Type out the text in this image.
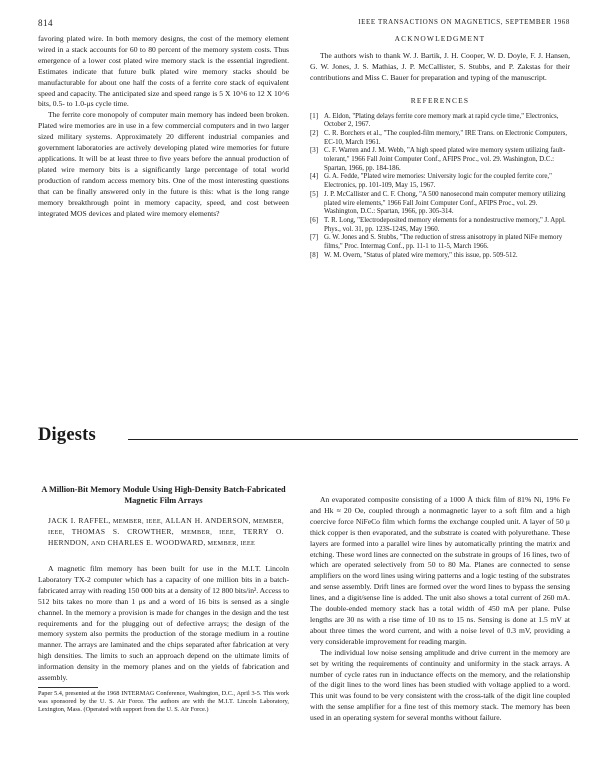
814	IEEE TRANSACTIONS ON MAGNETICS, SEPTEMBER 1968

favoring plated wire. In both memory designs, the cost of the memory element wired in a stack accounts for 60 to 80 percent of the memory system costs. Thus emergence of a lower cost plated wire memory stack is the essential ingredient. Estimates indicate that future bulk plated wire memory stacks should be manufacturable for about one half the costs of a ferrite core stack of equivalent speed and capacity. The anticipated size and speed range is 5 X 10^6 to 12 X 10^6 bits, 0.5- to 1.0-μs cycle time.

The ferrite core monopoly of computer main memory has indeed been broken. Plated wire memories are in use in a few commercial computers and in two larger sized military systems. Approximately 20 different industrial companies and government laboratories are actively developing plated wire memories for future applications. It will be at least three to five years before the annual production of plated wire memory bits is a significantly large percentage of total world production of random access memory bits. One of the most interesting questions that can be finally answered only in the future is this: what is the long range memory breakthrough point in memory capacity, speed, and cost between integrated MOS devices and plated wire memory elements?

ACKNOWLEDGMENT

The authors wish to thank W. J. Bartik, J. H. Cooper, W. D. Doyle, F. J. Hansen, G. W. Jones, J. S. Mathias, J. P. McCallister, S. Stubbs, and P. Zakstas for their contributions and Miss C. Bauer for preparation and typing of the manuscript.

REFERENCES
[1] A. Eldon, "Plating delays ferrite core memory mark at rapid cycle time," Electronics, October 2, 1967.
[2] C. R. Borchers et al., "The coupled-film memory," IRE Trans. on Electronic Computers, EC-10, March 1961.
[3] C. F. Warren and J. M. Webb, "A high speed plated wire memory system utilizing fault-tolerant," 1966 Fall Joint Computer Conf., AFIPS Proc., vol. 29. Washington, D.C.: Spartan, 1966, pp. 184-186.
[4] G. A. Fedde, "Plated wire memories: University logic for the coupled ferrite core," Electronics, pp. 101-109, May 15, 1967.
[5] J. P. McCallister and C. F. Chong, "A 500 nanosecond main computer memory utilizing plated wire elements," 1966 Fall Joint Computer Conf., AFIPS Proc., vol. 29. Washington, D.C.: Spartan, 1966, pp. 305-314.
[6] T. R. Long, "Electrodeposited memory elements for a nondestructive memory," J. Appl. Phys., vol. 31, pp. 123S-124S, May 1960.
[7] G. W. Jones and S. Stubbs, "The reduction of stress anisotropy in plated NiFe memory films," Proc. Intermag Conf., pp. 11-1 to 11-5, March 1966.
[8] W. M. Overn, "Status of plated wire memory," this issue, pp. 509-512.
Digests
A Million-Bit Memory Module Using High-Density Batch-Fabricated Magnetic Film Arrays
JACK I. RAFFEL, MEMBER, IEEE, ALLAN H. ANDERSON, MEMBER, IEEE, THOMAS S. CROWTHER, MEMBER, IEEE, TERRY O. HERNDON, AND CHARLES E. WOODWARD, MEMBER, IEEE

A magnetic film memory has been built for use in the M.I.T. Lincoln Laboratory TX-2 computer which has a capacity of one million bits in a batch-fabricated array with reading 150 000 bits at a density of 12 800 bits/in². Access to 512 bits takes no more than 1 μs and a word of 16 bits is sensed as a single channel. In the memory a provision is made for changes in the design and the test requirements and for the plugging out of defective arrays; the design of the memory system also permits the production of the storage medium in a routine manner. The arrays are laminated and the chips separated after fabrication at very high densities. The limits to such an approach depend on the ultimate limits of information density in the memory planes and on the yields of fabrication and assembly.

Paper 5.4, presented at the 1968 INTERMAG Conference, Washington, D.C., April 3-5. This work was sponsored by the U. S. Air Force. The authors are with the M.I.T. Lincoln Laboratory, Lexington, Mass. (Operated with support from the U. S. Air Force.)

An evaporated composite consisting of a 1000 Å thick film of 81% Ni, 19% Fe and Hk ≈ 20 Oe, coupled through a nonmagnetic layer to a soft film and a high coercive force NiFeCo film which forms the exchange coupled unit. A layer of 50 μ thick copper is then evaporated, and the substrate is coated with polyurethane. These layers are formed into a parallel wire lines by automatically printing the matrix and etching. These word lines are connected on the substrate in groups of 16 lines, two of which are operated selectively from 50 to 80 Ma. Planes are connected to sense amplifiers on the word lines using wiring patterns and a logic testing of the substrates and sense assembly. Drift lines are formed over the word lines to bypass the sensing lines, and a digit/sense line is added. The unit also shows a total current of 260 mA. The double-ended memory stack has a total width of 450 mA per plane. Pulse lengths are 30 ns with a rise time of 10 ns to 15 ns. Sensing is done at 1.5 mV at about three times the word current, and with a noise level of 0.3 mV, providing a very considerable improvement for reading margin.

The individual low noise sensing amplitude and drive current in the memory are set by writing the requirements of continuity and uniformity in the stack arrays. A number of cycle rates run in inductance effects on the memory, and the relationship of the digit lines to the word lines has been studied with voltage applied to a word. This unit was found to be very consistent with the cross-talk of the digit line coupled with the sense amplifier for a fine test of this memory stack. The memory has been used in an operating system for several months without failure.
